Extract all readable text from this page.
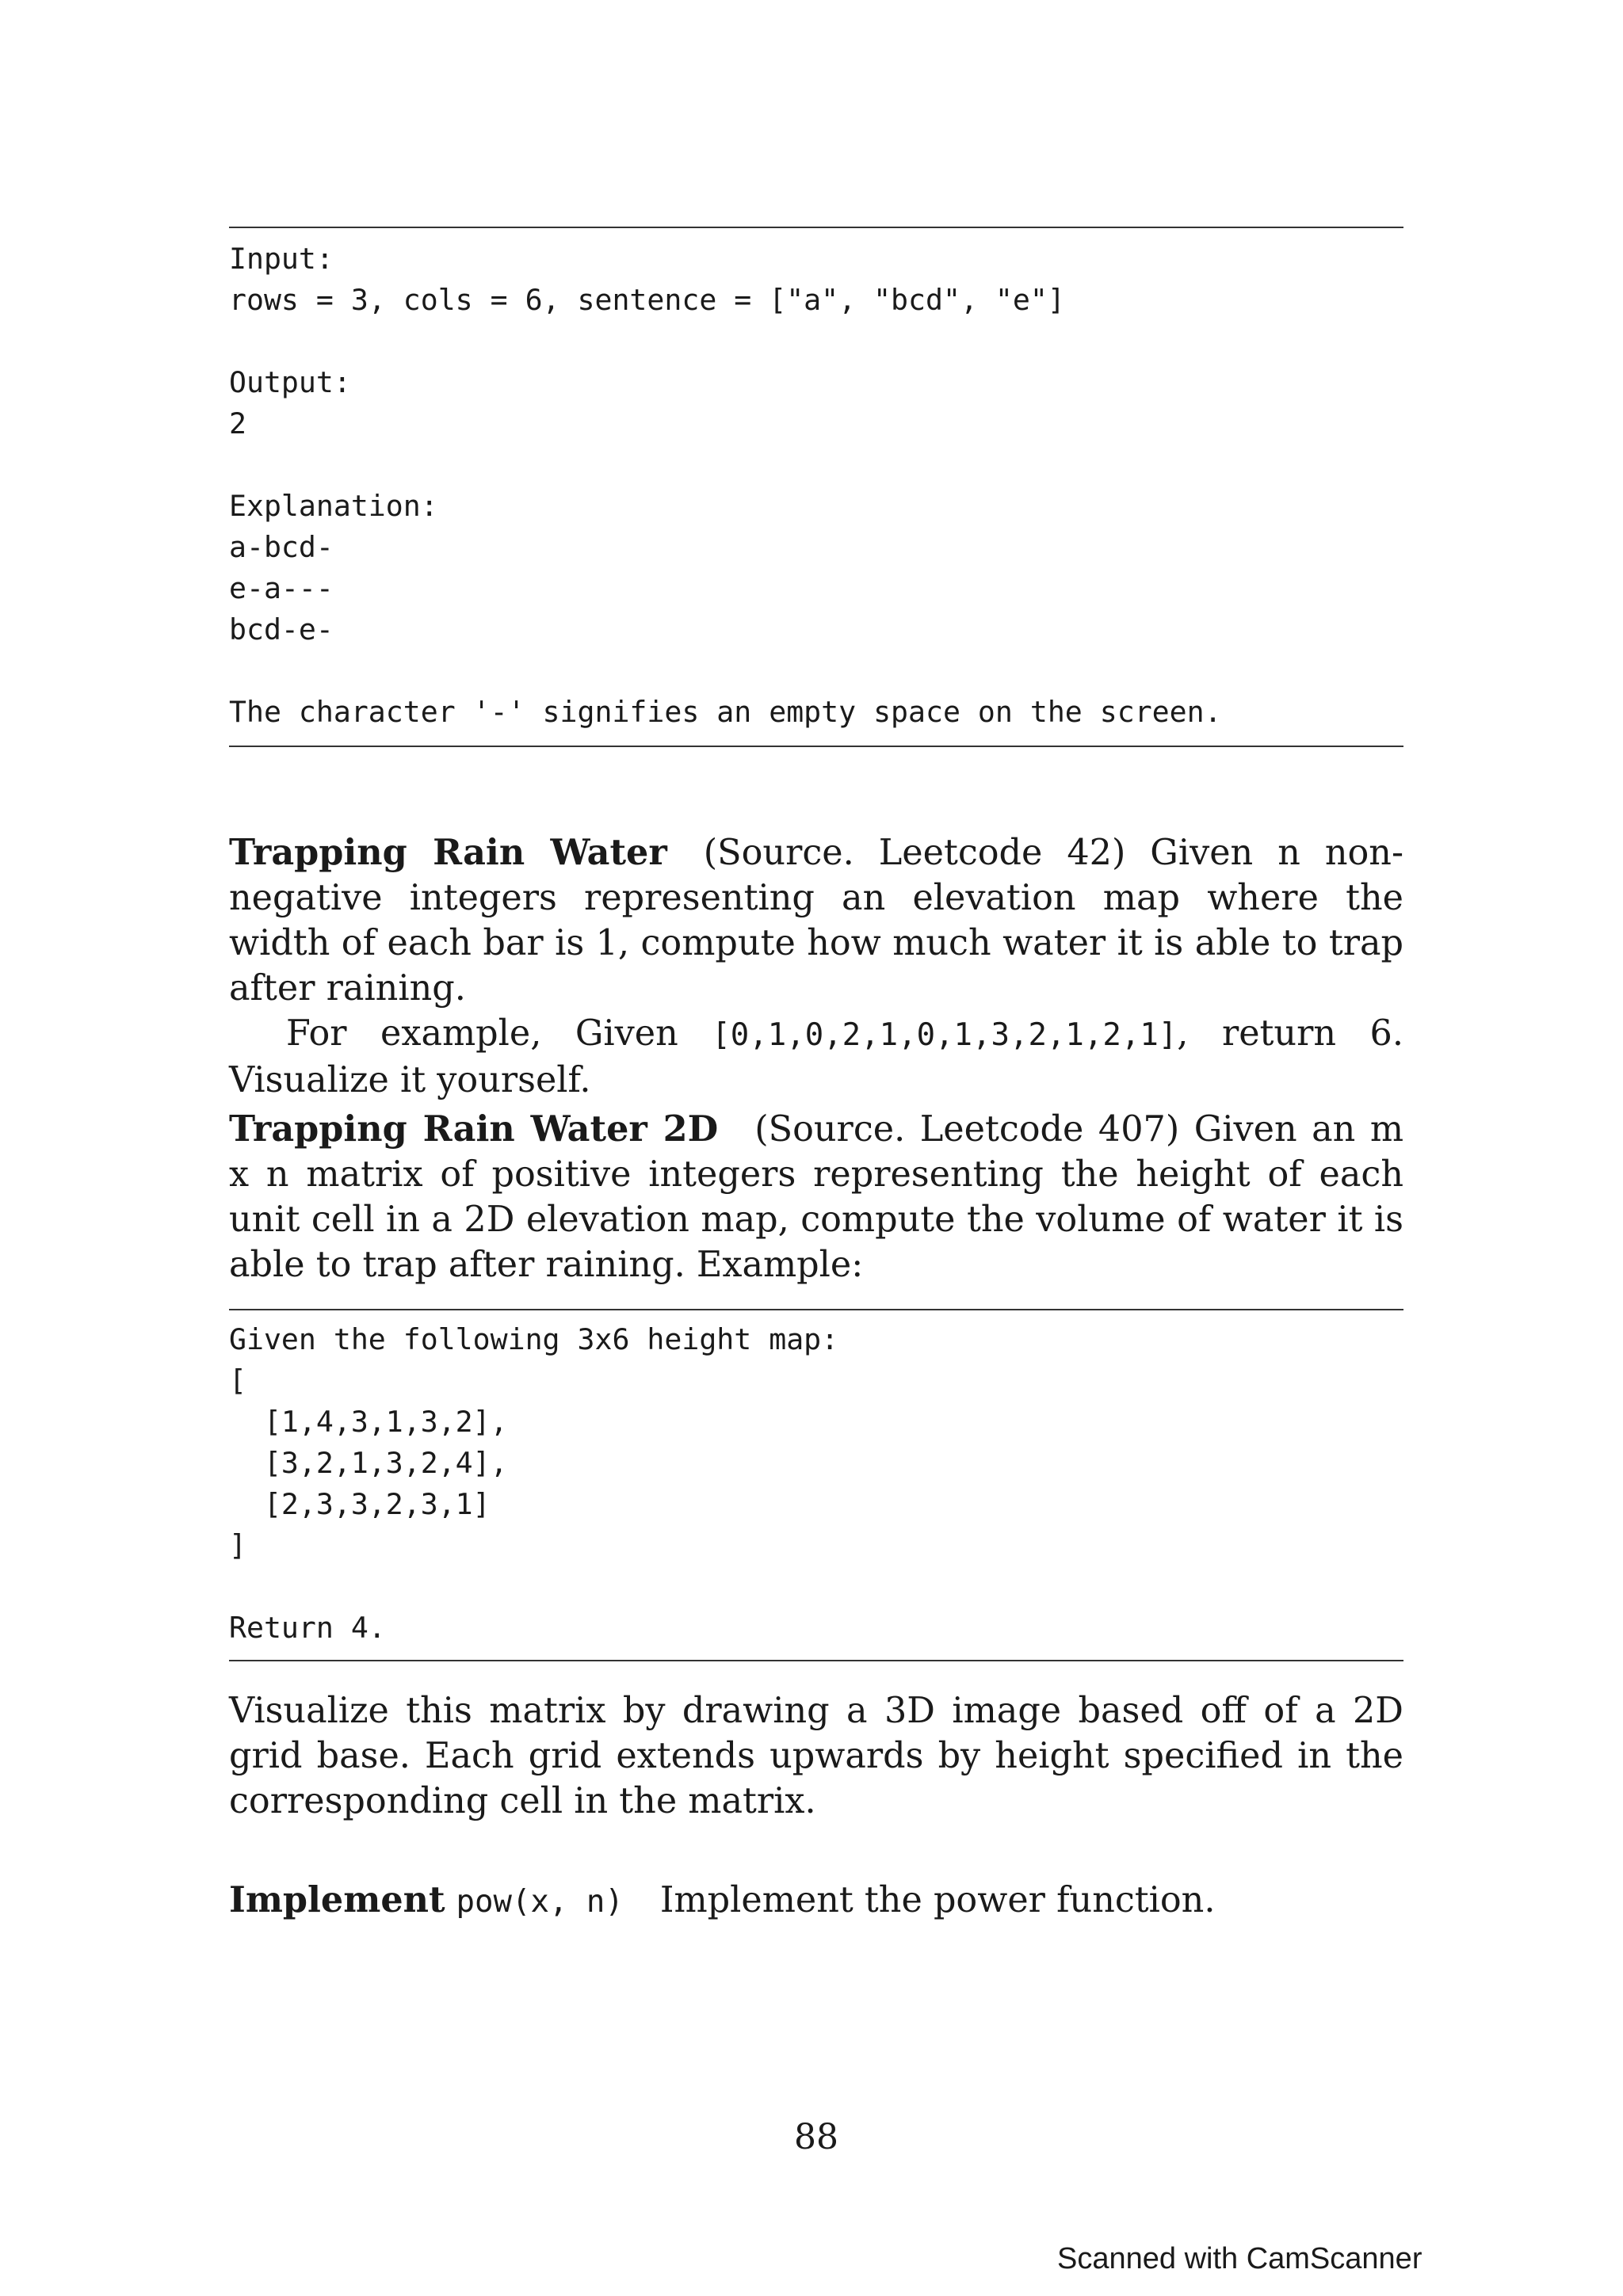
Input:
rows = 3, cols = 6, sentence = ["a", "bcd", "e"]
Output:
2
Explanation:
a-bcd-
e-a---
bcd-e-
The character '-' signifies an empty space on the screen.

Trapping Rain Water (Source. Leetcode 42) Given n non-negative integers representing an elevation map where the width of each bar is 1, compute how much water it is able to trap after raining.

For example, Given [0,1,0,2,1,0,1,3,2,1,2,1], return 6. Visualize it yourself.

Trapping Rain Water 2D (Source. Leetcode 407) Given an m x n matrix of positive integers representing the height of each unit cell in a 2D elevation map, compute the volume of water it is able to trap after raining. Example:

Given the following 3x6 height map:
[
[1,4,3,1,3,2],
[3,2,1,3,2,4],
[2,3,3,2,3,1]
]
Return 4.

Visualize this matrix by drawing a 3D image based off of a 2D grid base. Each grid extends upwards by height specified in the corresponding cell in the matrix.

Implement pow(x, n) Implement the power function.

88
Scanned with CamScanner
